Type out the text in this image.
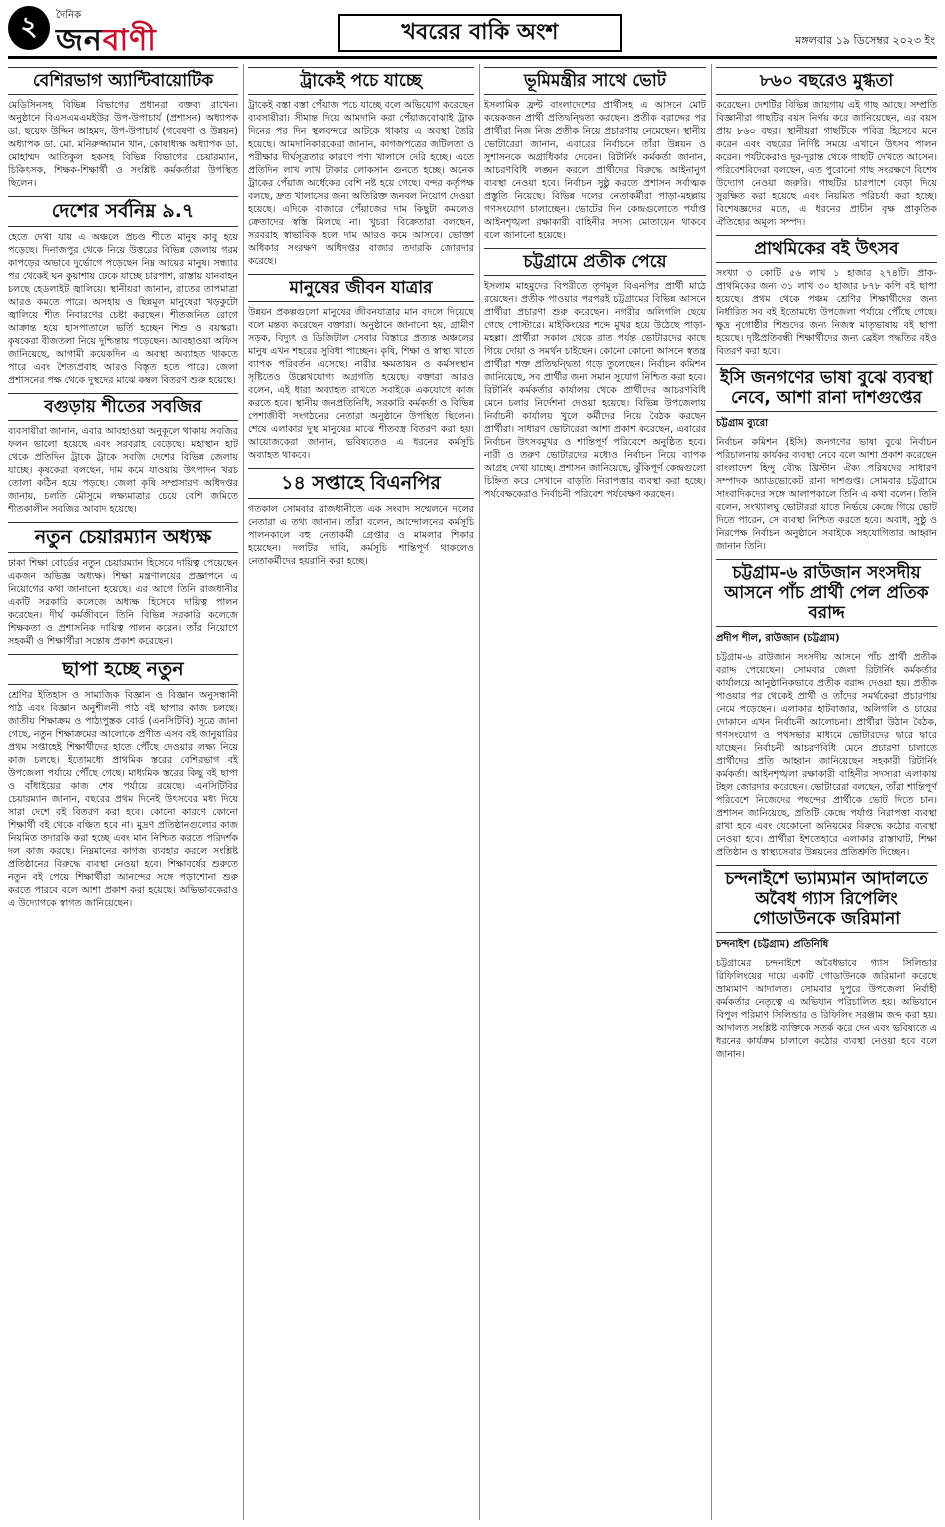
২	দৈনিক
জনবাণী	খবরের বাকি অংশ	মঙ্গলবার ১৯ ডিসেম্বর ২০২৩ ইং
বেশিরভাগ অ্যান্টিবায়োটিক

মেডিসিনসহ বিভিন্ন বিভাগের প্রধানরা বক্তব্য রাখেন। অনুষ্ঠানে বিএসএমএমইউর উপ-উপাচার্য (প্রশাসন) অধ্যাপক ডা. ছয়েফ উদ্দিন আহমদ, উপ-উপাচার্য (গবেষণা ও উন্নয়ন) অধ্যাপক ডা. মো. মনিরুজ্জামান খান, কোষাধ্যক্ষ অধ্যাপক ডা. মোহাম্মদ আতিকুল হকসহ বিভিন্ন বিভাগের চেয়ারম্যান, চিকিৎসক, শিক্ষক-শিক্ষার্থী ও সংশ্লিষ্ট কর্মকর্তারা উপস্থিত ছিলেন।

দেশের সর্বনিম্ন ৯.৭

হেতে দেখা যায় এ অঞ্চলে প্রচণ্ড শীতে মানুষ কাবু হয়ে পড়েছে। দিনাজপুর থেকে নিয়ে উত্তরের বিভিন্ন জেলায় গরম কাপড়ের অভাবে দুর্ভোগে পড়েছেন নিম্ন আয়ের মানুষ। সন্ধ্যার পর থেকেই ঘন কুয়াশায় ঢেকে যাচ্ছে চারপাশ, রাস্তায় যানবাহন চলছে হেডলাইট জ্বালিয়ে। স্থানীয়রা জানান, রাতের তাপমাত্রা আরও কমতে পারে। অসহায় ও ছিন্নমূল মানুষেরা খড়কুটো জ্বালিয়ে শীত নিবারণের চেষ্টা করছেন। শীতজনিত রোগে আক্রান্ত হয়ে হাসপাতালে ভর্তি হচ্ছেন শিশু ও বয়স্করা। কৃষকেরা বীজতলা নিয়ে দুশ্চিন্তায় পড়েছেন। আবহাওয়া অফিস জানিয়েছে, আগামী কয়েকদিন এ অবস্থা অব্যাহত থাকতে পারে এবং শৈত্যপ্রবাহ আরও বিস্তৃত হতে পারে। জেলা প্রশাসনের পক্ষ থেকে দুস্থদের মাঝে কম্বল বিতরণ শুরু হয়েছে।

বগুড়ায় শীতের সবজির

ব্যবসায়ীরা জানান, এবার আবহাওয়া অনুকূলে থাকায় সবজির ফলন ভালো হয়েছে এবং সরবরাহ বেড়েছে। মহাস্থান হাট থেকে প্রতিদিন ট্রাকে ট্রাকে সবজি দেশের বিভিন্ন জেলায় যাচ্ছে। কৃষকেরা বলছেন, দাম কমে যাওয়ায় উৎপাদন খরচ তোলা কঠিন হয়ে পড়ছে। জেলা কৃষি সম্প্রসারণ অধিদপ্তর জানায়, চলতি মৌসুমে লক্ষ্যমাত্রার চেয়ে বেশি জমিতে শীতকালীন সবজির আবাদ হয়েছে।

নতুন চেয়ারম্যান অধ্যক্ষ

ঢাকা শিক্ষা বোর্ডের নতুন চেয়ারম্যান হিসেবে দায়িত্ব পেয়েছেন একজন অভিজ্ঞ অধ্যক্ষ। শিক্ষা মন্ত্রণালয়ের প্রজ্ঞাপনে এ নিয়োগের কথা জানানো হয়েছে। এর আগে তিনি রাজধানীর একটি সরকারি কলেজে অধ্যক্ষ হিসেবে দায়িত্ব পালন করেছেন। দীর্ঘ কর্মজীবনে তিনি বিভিন্ন সরকারি কলেজে শিক্ষকতা ও প্রশাসনিক দায়িত্ব পালন করেন। তাঁর নিয়োগে সহকর্মী ও শিক্ষার্থীরা সন্তোষ প্রকাশ করেছেন।

ছাপা হচ্ছে নতুন

শ্রেণির ইতিহাস ও সামাজিক বিজ্ঞান ও বিজ্ঞান অনুসন্ধানী পাঠ এবং বিজ্ঞান অনুশীলনী পাঠ বই ছাপার কাজ চলছে। জাতীয় শিক্ষাক্রম ও পাঠ্যপুস্তক বোর্ড (এনসিটিবি) সূত্রে জানা গেছে, নতুন শিক্ষাক্রমের আলোকে প্রণীত এসব বই জানুয়ারির প্রথম সপ্তাহেই শিক্ষার্থীদের হাতে পৌঁছে দেওয়ার লক্ষ্য নিয়ে কাজ চলছে। ইতোমধ্যে প্রাথমিক স্তরের বেশিরভাগ বই উপজেলা পর্যায়ে পৌঁছে গেছে। মাধ্যমিক স্তরের কিছু বই ছাপা ও বাঁধাইয়ের কাজ শেষ পর্যায়ে রয়েছে। এনসিটিবির চেয়ারম্যান জানান, বছরের প্রথম দিনেই উৎসবের মধ্য দিয়ে সারা দেশে বই বিতরণ করা হবে। কোনো কারণে কোনো শিক্ষার্থী বই থেকে বঞ্চিত হবে না। মুদ্রণ প্রতিষ্ঠানগুলোর কাজ নিয়মিত তদারকি করা হচ্ছে এবং মান নিশ্চিত করতে পরিদর্শক দল কাজ করছে। নিম্নমানের কাগজ ব্যবহার করলে সংশ্লিষ্ট প্রতিষ্ঠানের বিরুদ্ধে ব্যবস্থা নেওয়া হবে। শিক্ষাবর্ষের শুরুতে নতুন বই পেয়ে শিক্ষার্থীরা আনন্দের সঙ্গে পড়াশোনা শুরু করতে পারবে বলে আশা প্রকাশ করা হয়েছে। অভিভাবকেরাও এ উদ্যোগকে স্বাগত জানিয়েছেন।

ট্রাকেই পচে যাচ্ছে

ট্রাকেই বস্তা বস্তা পেঁয়াজ পচে যাচ্ছে বলে অভিযোগ করেছেন ব্যবসায়ীরা। সীমান্ত দিয়ে আমদানি করা পেঁয়াজবোঝাই ট্রাক দিনের পর দিন স্থলবন্দরে আটকে থাকায় এ অবস্থা তৈরি হয়েছে। আমদানিকারকেরা জানান, কাগজপত্রের জটিলতা ও পরীক্ষার দীর্ঘসূত্রতার কারণে পণ্য খালাসে দেরি হচ্ছে। এতে প্রতিদিন লাখ লাখ টাকার লোকসান গুনতে হচ্ছে। অনেক ট্রাকের পেঁয়াজ অর্ধেকের বেশি নষ্ট হয়ে গেছে। বন্দর কর্তৃপক্ষ বলছে, দ্রুত খালাসের জন্য অতিরিক্ত জনবল নিয়োগ দেওয়া হয়েছে। এদিকে বাজারে পেঁয়াজের দাম কিছুটা কমলেও ক্রেতাদের স্বস্তি মিলছে না। খুচরা বিক্রেতারা বলছেন, সরবরাহ স্বাভাবিক হলে দাম আরও কমে আসবে। ভোক্তা অধিকার সংরক্ষণ অধিদপ্তর বাজার তদারকি জোরদার করেছে।

মানুষের জীবন যাত্রার

উন্নয়ন প্রকল্পগুলো মানুষের জীবনযাত্রার মান বদলে দিয়েছে বলে মন্তব্য করেছেন বক্তারা। অনুষ্ঠানে জানানো হয়, গ্রামীণ সড়ক, বিদ্যুৎ ও ডিজিটাল সেবার বিস্তারে প্রত্যন্ত অঞ্চলের মানুষ এখন শহরের সুবিধা পাচ্ছেন। কৃষি, শিক্ষা ও স্বাস্থ্য খাতে ব্যাপক পরিবর্তন এসেছে। নারীর ক্ষমতায়ন ও কর্মসংস্থান সৃষ্টিতেও উল্লেখযোগ্য অগ্রগতি হয়েছে। বক্তারা আরও বলেন, এই ধারা অব্যাহত রাখতে সবাইকে একযোগে কাজ করতে হবে। স্থানীয় জনপ্রতিনিধি, সরকারি কর্মকর্তা ও বিভিন্ন পেশাজীবী সংগঠনের নেতারা অনুষ্ঠানে উপস্থিত ছিলেন। শেষে এলাকার দুস্থ মানুষের মাঝে শীতবস্ত্র বিতরণ করা হয়। আয়োজকেরা জানান, ভবিষ্যতেও এ ধরনের কর্মসূচি অব্যাহত থাকবে।

১৪ সপ্তাহে বিএনপির

গতকাল সোমবার রাজধানীতে এক সংবাদ সম্মেলনে দলের নেতারা এ তথ্য জানান। তাঁরা বলেন, আন্দোলনের কর্মসূচি পালনকালে বহু নেতাকর্মী গ্রেপ্তার ও মামলার শিকার হয়েছেন। দলটির দাবি, কর্মসূচি শান্তিপূর্ণ থাকলেও নেতাকর্মীদের হয়রানি করা হচ্ছে।

ভূমিমন্ত্রীর সাথে ভোট

ইসলামিক ফ্রন্ট বাংলাদেশের প্রার্থীসহ এ আসনে মোট কয়েকজন প্রার্থী প্রতিদ্বন্দ্বিতা করছেন। প্রতীক বরাদ্দের পর প্রার্থীরা নিজ নিজ প্রতীক নিয়ে প্রচারণায় নেমেছেন। স্থানীয় ভোটারেরা জানান, এবারের নির্বাচনে তাঁরা উন্নয়ন ও সুশাসনকে অগ্রাধিকার দেবেন। রিটার্নিং কর্মকর্তা জানান, আচরণবিধি লঙ্ঘন করলে প্রার্থীদের বিরুদ্ধে আইনানুগ ব্যবস্থা নেওয়া হবে। নির্বাচন সুষ্ঠু করতে প্রশাসন সর্বাত্মক প্রস্তুতি নিয়েছে। বিভিন্ন দলের নেতাকর্মীরা পাড়া-মহল্লায় গণসংযোগ চালাচ্ছেন। ভোটের দিন কেন্দ্রগুলোতে পর্যাপ্ত আইনশৃঙ্খলা রক্ষাকারী বাহিনীর সদস্য মোতায়েন থাকবে বলে জানানো হয়েছে।

চট্টগ্রামে প্রতীক পেয়ে

ইসলাম মাহমুদের বিপরীতে তৃণমূল বিএনপির প্রার্থী মাঠে রয়েছেন। প্রতীক পাওয়ার পরপরই চট্টগ্রামের বিভিন্ন আসনে প্রার্থীরা প্রচারণা শুরু করেছেন। নগরীর অলিগলি ছেয়ে গেছে পোস্টারে। মাইকিংয়ের শব্দে মুখর হয়ে উঠেছে পাড়া-মহল্লা। প্রার্থীরা সকাল থেকে রাত পর্যন্ত ভোটারদের কাছে গিয়ে দোয়া ও সমর্থন চাইছেন। কোনো কোনো আসনে স্বতন্ত্র প্রার্থীরা শক্ত প্রতিদ্বন্দ্বিতা গড়ে তুলেছেন। নির্বাচন কমিশন জানিয়েছে, সব প্রার্থীর জন্য সমান সুযোগ নিশ্চিত করা হবে। রিটার্নিং কর্মকর্তার কার্যালয় থেকে প্রার্থীদের আচরণবিধি মেনে চলার নির্দেশনা দেওয়া হয়েছে। বিভিন্ন উপজেলায় নির্বাচনী কার্যালয় খুলে কর্মীদের নিয়ে বৈঠক করছেন প্রার্থীরা। সাধারণ ভোটারেরা আশা প্রকাশ করেছেন, এবারের নির্বাচন উৎসবমুখর ও শান্তিপূর্ণ পরিবেশে অনুষ্ঠিত হবে। নারী ও তরুণ ভোটারদের মধ্যেও নির্বাচন নিয়ে ব্যাপক আগ্রহ দেখা যাচ্ছে। প্রশাসন জানিয়েছে, ঝুঁকিপূর্ণ কেন্দ্রগুলো চিহ্নিত করে সেখানে বাড়তি নিরাপত্তার ব্যবস্থা করা হচ্ছে। পর্যবেক্ষকেরাও নির্বাচনী পরিবেশ পর্যবেক্ষণ করছেন।

৮৬০ বছরেও মুগ্ধতা

করেছেন। দেশটির বিভিন্ন জায়গায় এই গাছ আছে। সম্প্রতি বিজ্ঞানীরা গাছটির বয়স নির্ণয় করে জানিয়েছেন, এর বয়স প্রায় ৮৬০ বছর। স্থানীয়রা গাছটিকে পবিত্র হিসেবে মনে করেন এবং বছরের নির্দিষ্ট সময়ে এখানে উৎসব পালন করেন। পর্যটকেরাও দূর-দূরান্ত থেকে গাছটি দেখতে আসেন। পরিবেশবিদেরা বলছেন, এত পুরোনো গাছ সংরক্ষণে বিশেষ উদ্যোগ নেওয়া জরুরি। গাছটির চারপাশে বেড়া দিয়ে সুরক্ষিত করা হয়েছে এবং নিয়মিত পরিচর্যা করা হচ্ছে। বিশেষজ্ঞদের মতে, এ ধরনের প্রাচীন বৃক্ষ প্রাকৃতিক ঐতিহ্যের অমূল্য সম্পদ।

প্রাথমিকের বই উৎসব

সংখ্যা ৩ কোটি ৫৬ লাখ ১ হাজার ২৭৪টি। প্রাক-প্রাথমিকের জন্য ৩১ লাখ ৩০ হাজার ৮৭৮ কপি বই ছাপা হয়েছে। প্রথম থেকে পঞ্চম শ্রেণির শিক্ষার্থীদের জন্য নির্ধারিত সব বই ইতোমধ্যে উপজেলা পর্যায়ে পৌঁছে গেছে। ক্ষুদ্র নৃগোষ্ঠীর শিশুদের জন্য নিজস্ব মাতৃভাষায় বই ছাপা হয়েছে। দৃষ্টিপ্রতিবন্ধী শিক্ষার্থীদের জন্য ব্রেইল পদ্ধতির বইও বিতরণ করা হবে।

ইসি জনগণের ভাষা বুঝে ব্যবস্থা নেবে, আশা রানা দাশগুপ্তের
চট্টগ্রাম ব্যুরো

নির্বাচন কমিশন (ইসি) জনগণের ভাষা বুঝে নির্বাচন পরিচালনায় কার্যকর ব্যবস্থা নেবে বলে আশা প্রকাশ করেছেন বাংলাদেশ হিন্দু বৌদ্ধ খ্রিস্টান ঐক্য পরিষদের সাধারণ সম্পাদক অ্যাডভোকেট রানা দাশগুপ্ত। সোমবার চট্টগ্রামে সাংবাদিকদের সঙ্গে আলাপকালে তিনি এ কথা বলেন। তিনি বলেন, সংখ্যালঘু ভোটাররা যাতে নির্ভয়ে কেন্দ্রে গিয়ে ভোট দিতে পারেন, সে ব্যবস্থা নিশ্চিত করতে হবে। অবাধ, সুষ্ঠু ও নিরপেক্ষ নির্বাচন অনুষ্ঠানে সবাইকে সহযোগিতার আহ্বান জানান তিনি।

চট্টগ্রাম-৬ রাউজান সংসদীয় আসনে পাঁচ প্রার্থী পেল প্রতিক বরাদ্দ
প্রদীপ শীল, রাউজান (চট্টগ্রাম)

চট্টগ্রাম-৬ রাউজান সংসদীয় আসনে পাঁচ প্রার্থী প্রতীক বরাদ্দ পেয়েছেন। সোমবার জেলা রিটার্নিং কর্মকর্তার কার্যালয়ে আনুষ্ঠানিকভাবে প্রতীক বরাদ্দ দেওয়া হয়। প্রতীক পাওয়ার পর থেকেই প্রার্থী ও তাঁদের সমর্থকেরা প্রচারণায় নেমে পড়েছেন। এলাকার হাটবাজার, অলিগলি ও চায়ের দোকানে এখন নির্বাচনী আলোচনা। প্রার্থীরা উঠান বৈঠক, গণসংযোগ ও পথসভার মাধ্যমে ভোটারদের দ্বারে দ্বারে যাচ্ছেন। নির্বাচনী আচরণবিধি মেনে প্রচারণা চালাতে প্রার্থীদের প্রতি আহ্বান জানিয়েছেন সহকারী রিটার্নিং কর্মকর্তা। আইনশৃঙ্খলা রক্ষাকারী বাহিনীর সদস্যরা এলাকায় টহল জোরদার করেছেন। ভোটারেরা বলছেন, তাঁরা শান্তিপূর্ণ পরিবেশে নিজেদের পছন্দের প্রার্থীকে ভোট দিতে চান। প্রশাসন জানিয়েছে, প্রতিটি কেন্দ্রে পর্যাপ্ত নিরাপত্তা ব্যবস্থা রাখা হবে এবং যেকোনো অনিয়মের বিরুদ্ধে কঠোর ব্যবস্থা নেওয়া হবে। প্রার্থীরা ইশতেহারে এলাকার রাস্তাঘাট, শিক্ষা প্রতিষ্ঠান ও স্বাস্থ্যসেবার উন্নয়নের প্রতিশ্রুতি দিচ্ছেন।

চন্দনাইশে ভ্যাম্যমান আদালতে অবৈধ গ্যাস রিপেলিং গোডাউনকে জরিমানা
চন্দনাইশ (চট্টগ্রাম) প্রতিনিধি

চট্টগ্রামের চন্দনাইশে অবৈধভাবে গ্যাস সিলিন্ডার রিফিলিংয়ের দায়ে একটি গোডাউনকে জরিমানা করেছে ভ্রাম্যমাণ আদালত। সোমবার দুপুরে উপজেলা নির্বাহী কর্মকর্তার নেতৃত্বে এ অভিযান পরিচালিত হয়। অভিযানে বিপুল পরিমাণ সিলিন্ডার ও রিফিলিং সরঞ্জাম জব্দ করা হয়। আদালত সংশ্লিষ্ট ব্যক্তিকে সতর্ক করে দেন এবং ভবিষ্যতে এ ধরনের কার্যক্রম চালালে কঠোর ব্যবস্থা নেওয়া হবে বলে জানান।
